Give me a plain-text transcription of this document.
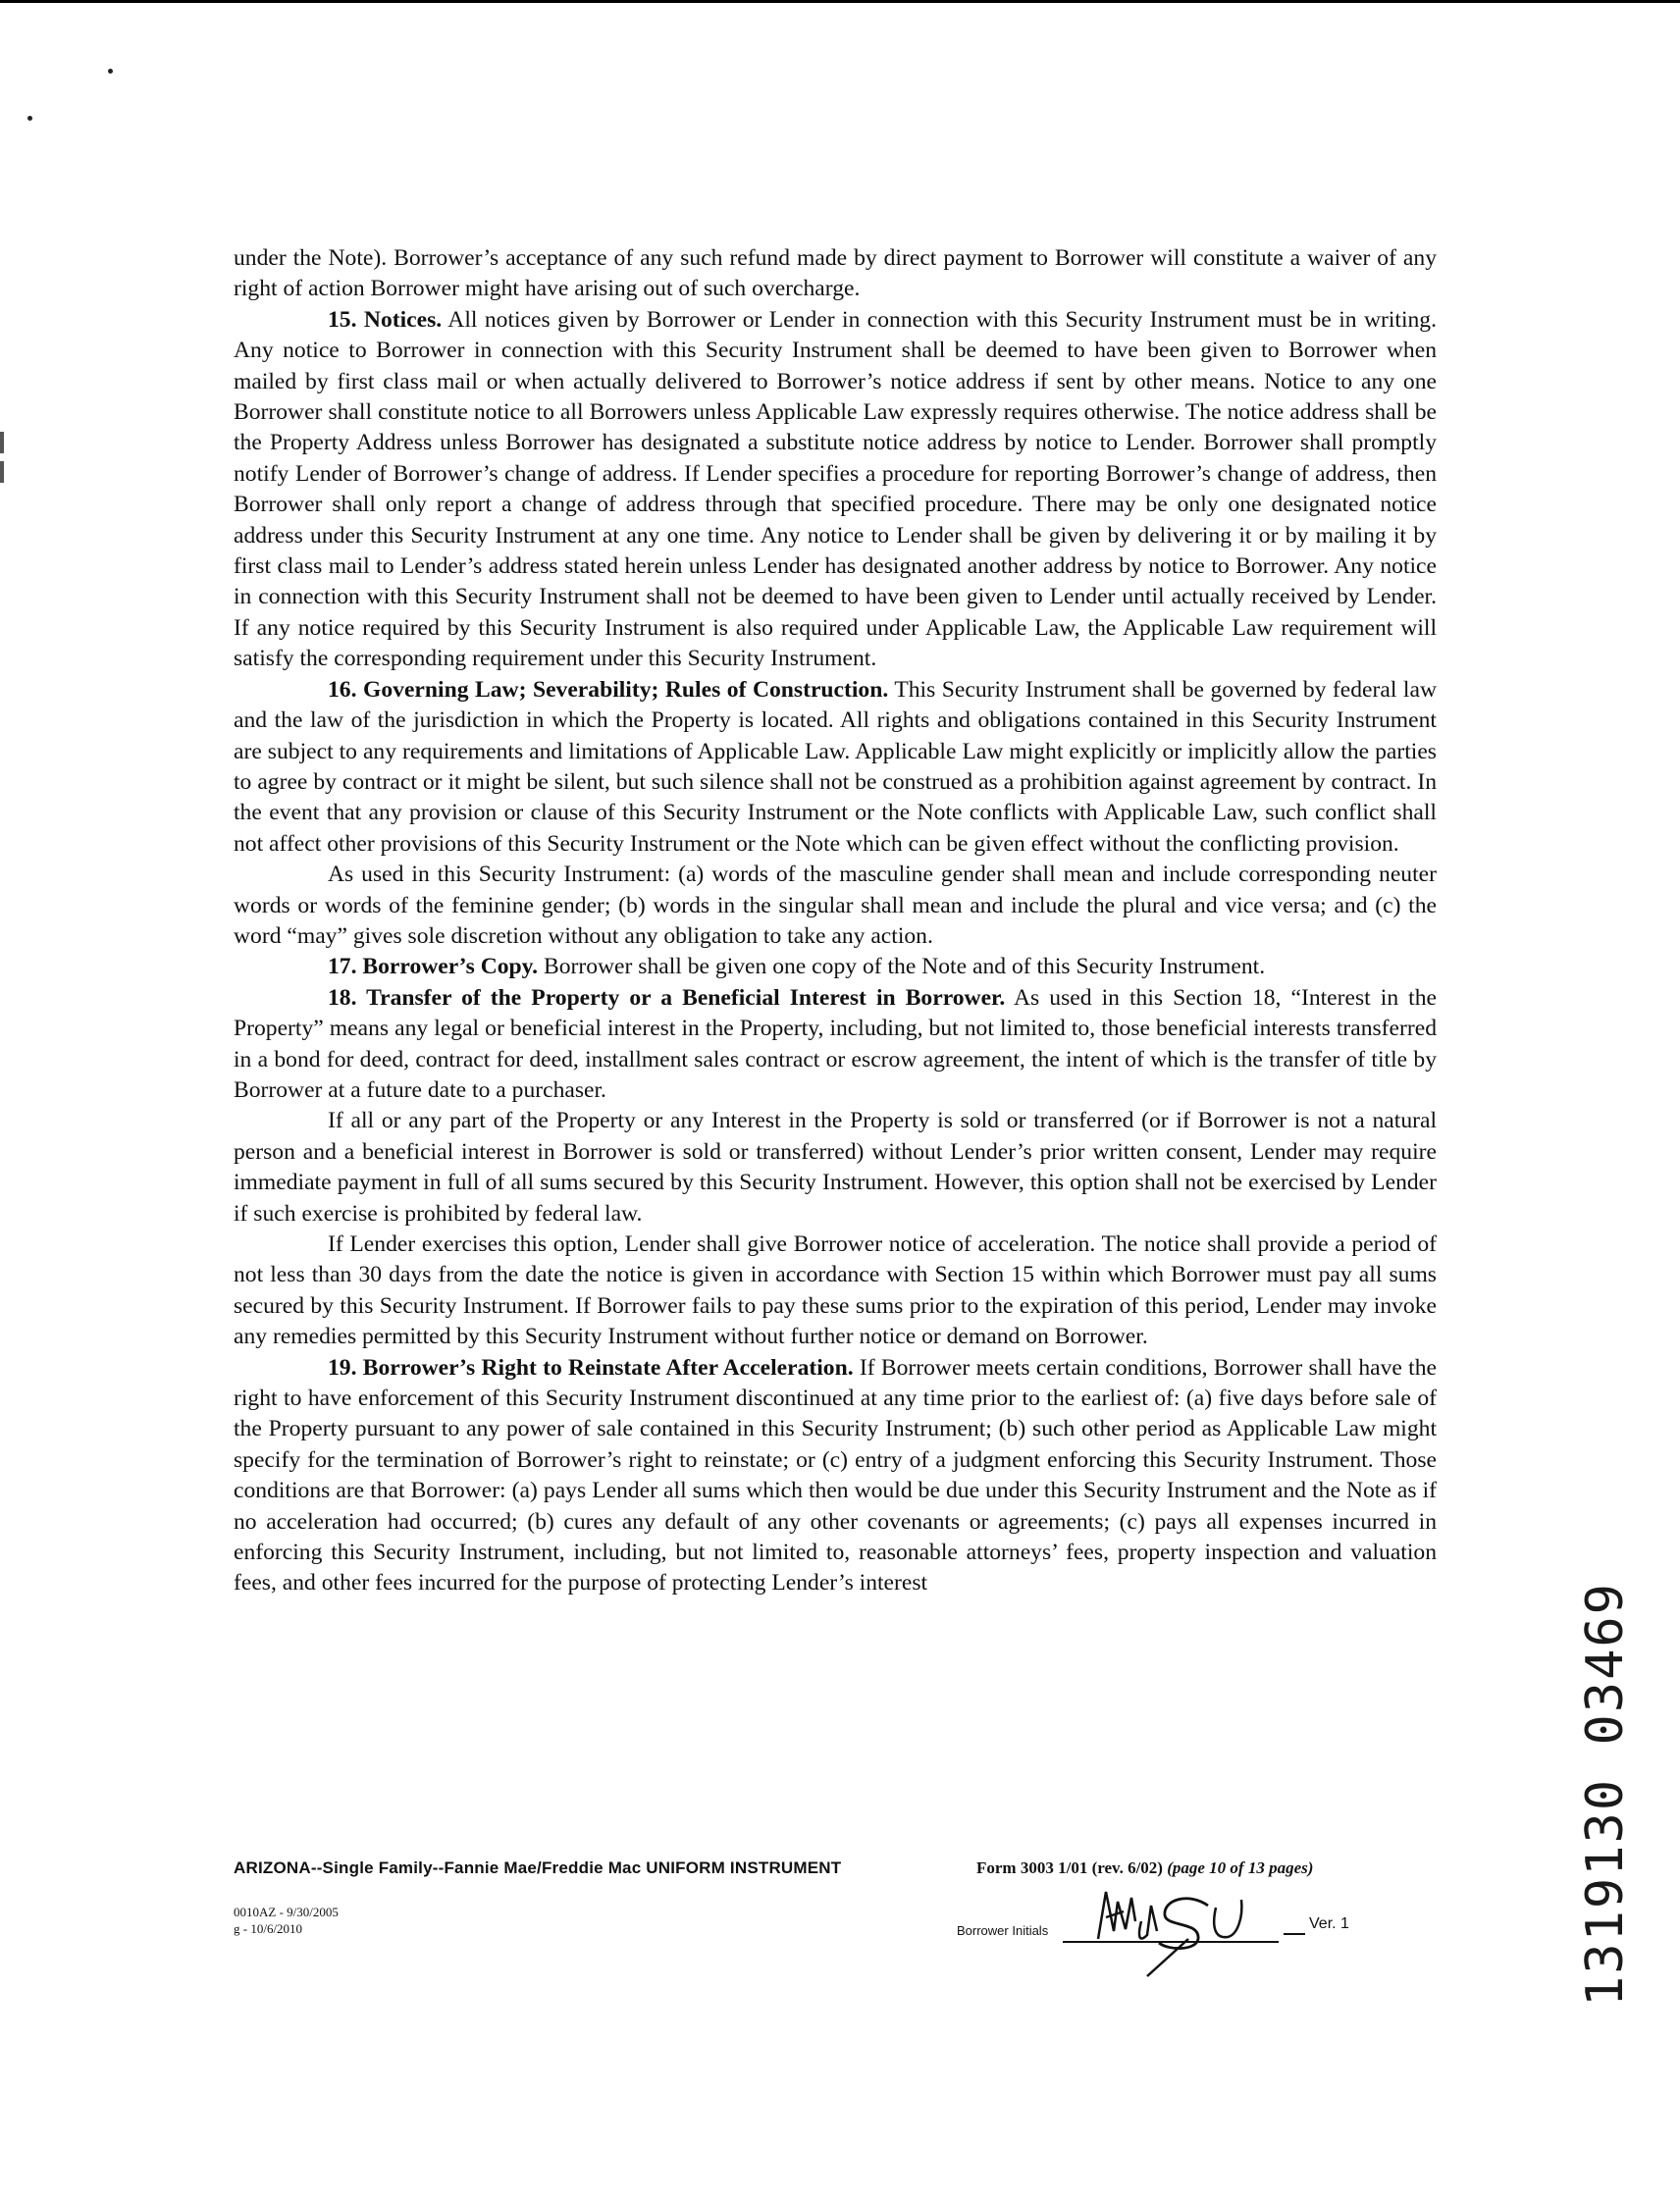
under the Note). Borrower’s acceptance of any such refund made by direct payment to Borrower will constitute a waiver of any right of action Borrower might have arising out of such overcharge.

15. Notices. All notices given by Borrower or Lender in connection with this Security Instrument must be in writing. Any notice to Borrower in connection with this Security Instrument shall be deemed to have been given to Borrower when mailed by first class mail or when actually delivered to Borrower’s notice address if sent by other means. Notice to any one Borrower shall constitute notice to all Borrowers unless Applicable Law expressly requires otherwise. The notice address shall be the Property Address unless Borrower has designated a substitute notice address by notice to Lender. Borrower shall promptly notify Lender of Borrower’s change of address. If Lender specifies a procedure for reporting Borrower’s change of address, then Borrower shall only report a change of address through that specified procedure. There may be only one designated notice address under this Security Instrument at any one time. Any notice to Lender shall be given by delivering it or by mailing it by first class mail to Lender’s address stated herein unless Lender has designated another address by notice to Borrower. Any notice in connection with this Security Instrument shall not be deemed to have been given to Lender until actually received by Lender. If any notice required by this Security Instrument is also required under Applicable Law, the Applicable Law requirement will satisfy the corresponding requirement under this Security Instrument.

16. Governing Law; Severability; Rules of Construction. This Security Instrument shall be governed by federal law and the law of the jurisdiction in which the Property is located. All rights and obligations contained in this Security Instrument are subject to any requirements and limitations of Applicable Law. Applicable Law might explicitly or implicitly allow the parties to agree by contract or it might be silent, but such silence shall not be construed as a prohibition against agreement by contract. In the event that any provision or clause of this Security Instrument or the Note conflicts with Applicable Law, such conflict shall not affect other provisions of this Security Instrument or the Note which can be given effect without the conflicting provision.

As used in this Security Instrument: (a) words of the masculine gender shall mean and include corresponding neuter words or words of the feminine gender; (b) words in the singular shall mean and include the plural and vice versa; and (c) the word “may” gives sole discretion without any obligation to take any action.

17. Borrower’s Copy. Borrower shall be given one copy of the Note and of this Security Instrument.

18. Transfer of the Property or a Beneficial Interest in Borrower. As used in this Section 18, “Interest in the Property” means any legal or beneficial interest in the Property, including, but not limited to, those beneficial interests transferred in a bond for deed, contract for deed, installment sales contract or escrow agreement, the intent of which is the transfer of title by Borrower at a future date to a purchaser.

If all or any part of the Property or any Interest in the Property is sold or transferred (or if Borrower is not a natural person and a beneficial interest in Borrower is sold or transferred) without Lender’s prior written consent, Lender may require immediate payment in full of all sums secured by this Security Instrument. However, this option shall not be exercised by Lender if such exercise is prohibited by federal law.

If Lender exercises this option, Lender shall give Borrower notice of acceleration. The notice shall provide a period of not less than 30 days from the date the notice is given in accordance with Section 15 within which Borrower must pay all sums secured by this Security Instrument. If Borrower fails to pay these sums prior to the expiration of this period, Lender may invoke any remedies permitted by this Security Instrument without further notice or demand on Borrower.

19. Borrower’s Right to Reinstate After Acceleration. If Borrower meets certain conditions, Borrower shall have the right to have enforcement of this Security Instrument discontinued at any time prior to the earliest of: (a) five days before sale of the Property pursuant to any power of sale contained in this Security Instrument; (b) such other period as Applicable Law might specify for the termination of Borrower’s right to reinstate; or (c) entry of a judgment enforcing this Security Instrument. Those conditions are that Borrower: (a) pays Lender all sums which then would be due under this Security Instrument and the Note as if no acceleration had occurred; (b) cures any default of any other covenants or agreements; (c) pays all expenses incurred in enforcing this Security Instrument, including, but not limited to, reasonable attorneys’ fees, property inspection and valuation fees, and other fees incurred for the purpose of protecting Lender’s interest

ARIZONA--Single Family--Fannie Mae/Freddie Mac UNIFORM INSTRUMENT	Form 3003 1/01 (rev. 6/02) (page 10 of 13 pages)
0010AZ - 9/30/2005
g - 10/6/2010	Borrower Initials	Ver. 1	1319130 03469
